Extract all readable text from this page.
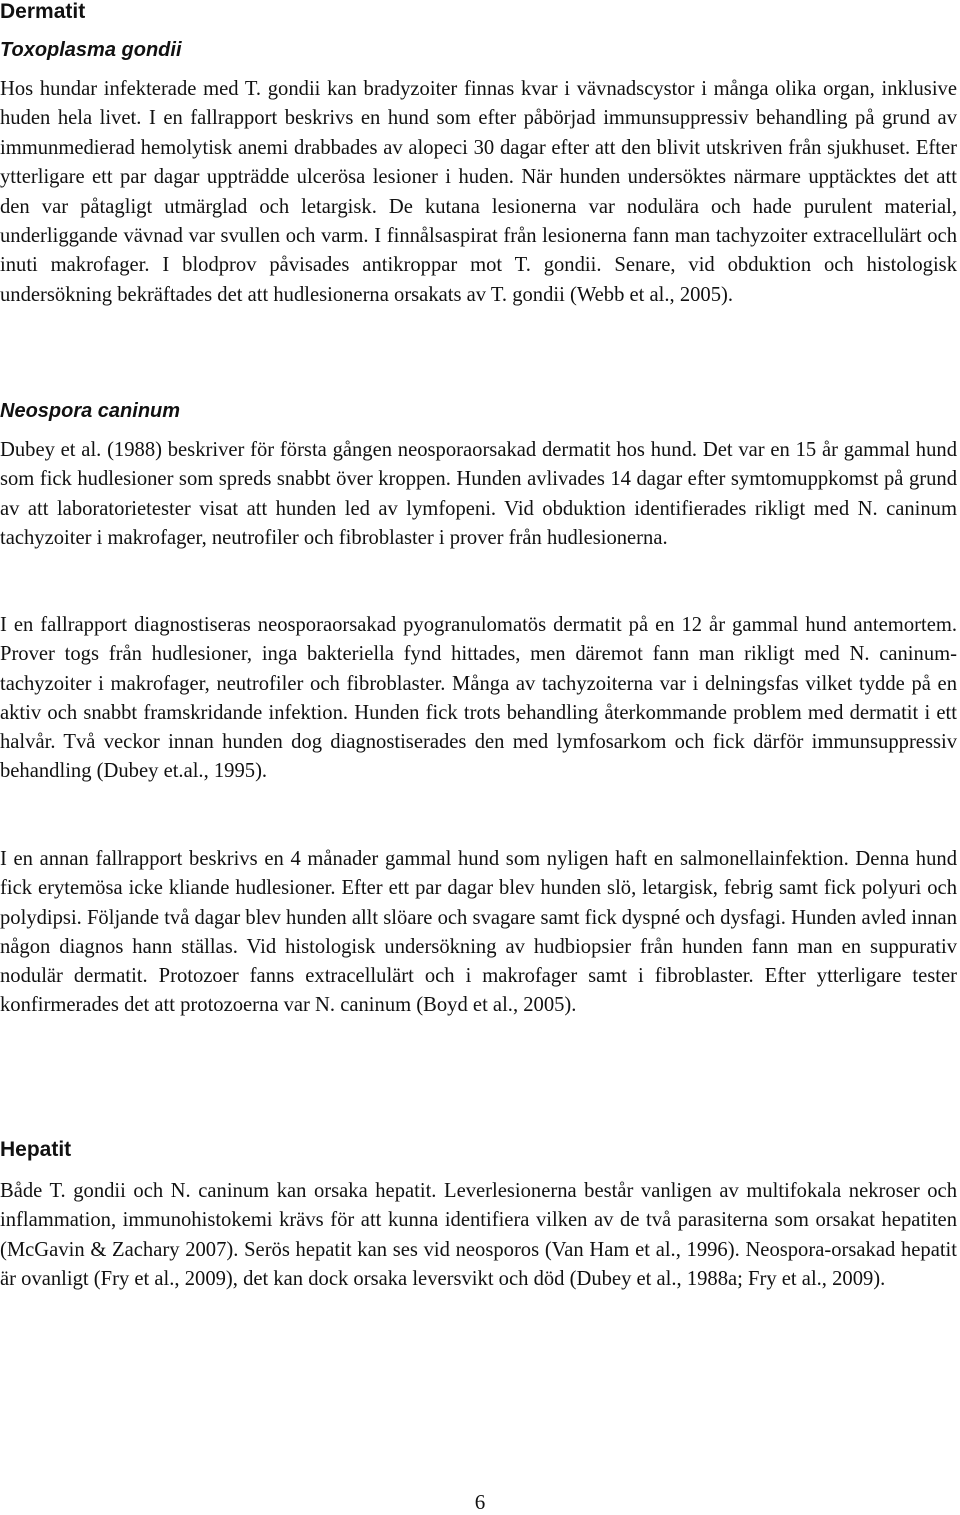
Dermatit
Toxoplasma gondii
Hos hundar infekterade med T. gondii kan bradyzoiter finnas kvar i vävnadscystor i många olika organ, inklusive huden hela livet. I en fallrapport beskrivs en hund som efter påbörjad immunsuppressiv behandling på grund av immunmedierad hemolytisk anemi drabbades av alopeci 30 dagar efter att den blivit utskriven från sjukhuset. Efter ytterligare ett par dagar uppträdde ulcerösa lesioner i huden. När hunden undersöktes närmare upptäcktes det att den var påtagligt utmärglad och letargisk. De kutana lesionerna var nodulära och hade purulent material, underliggande vävnad var svullen och varm. I finnålsaspirat från lesionerna fann man tachyzoiter extracellulärt och inuti makrofager. I blodprov påvisades antikroppar mot T. gondii. Senare, vid obduktion och histologisk undersökning bekräftades det att hudlesionerna orsakats av T. gondii (Webb et al., 2005).
Neospora caninum
Dubey et al. (1988) beskriver för första gången neosporaorsakad dermatit hos hund. Det var en 15 år gammal hund som fick hudlesioner som spreds snabbt över kroppen. Hunden avlivades 14 dagar efter symtomuppkomst på grund av att laboratorietester visat att hunden led av lymfopeni. Vid obduktion identifierades rikligt med N. caninum tachyzoiter i makrofager, neutrofiler och fibroblaster i prover från hudlesionerna.
I en fallrapport diagnostiseras neosporaorsakad pyogranulomatös dermatit på en 12 år gammal hund antemortem. Prover togs från hudlesioner, inga bakteriella fynd hittades, men däremot fann man rikligt med N. caninum-tachyzoiter i makrofager, neutrofiler och fibroblaster. Många av tachyzoiterna var i delningsfas vilket tydde på en aktiv och snabbt framskridande infektion. Hunden fick trots behandling återkommande problem med dermatit i ett halvår. Två veckor innan hunden dog diagnostiserades den med lymfosarkom och fick därför immunsuppressiv behandling (Dubey et.al., 1995).
I en annan fallrapport beskrivs en 4 månader gammal hund som nyligen haft en salmonellainfektion. Denna hund fick erytemösa icke kliande hudlesioner. Efter ett par dagar blev hunden slö, letargisk, febrig samt fick polyuri och polydipsi. Följande två dagar blev hunden allt slöare och svagare samt fick dyspné och dysfagi. Hunden avled innan någon diagnos hann ställas. Vid histologisk undersökning av hudbiopsier från hunden fann man en suppurativ nodulär dermatit. Protozoer fanns extracellulärt och i makrofager samt i fibroblaster. Efter ytterligare tester konfirmerades det att protozoerna var N. caninum (Boyd et al., 2005).
Hepatit
Både T. gondii och N. caninum kan orsaka hepatit. Leverlesionerna består vanligen av multifokala nekroser och inflammation, immunohistokemi krävs för att kunna identifiera vilken av de två parasiterna som orsakat hepatiten (McGavin & Zachary 2007). Serös hepatit kan ses vid neosporos (Van Ham et al., 1996). Neospora-orsakad hepatit är ovanligt (Fry et al., 2009), det kan dock orsaka leversvikt och död (Dubey et al., 1988a; Fry et al., 2009).
6
